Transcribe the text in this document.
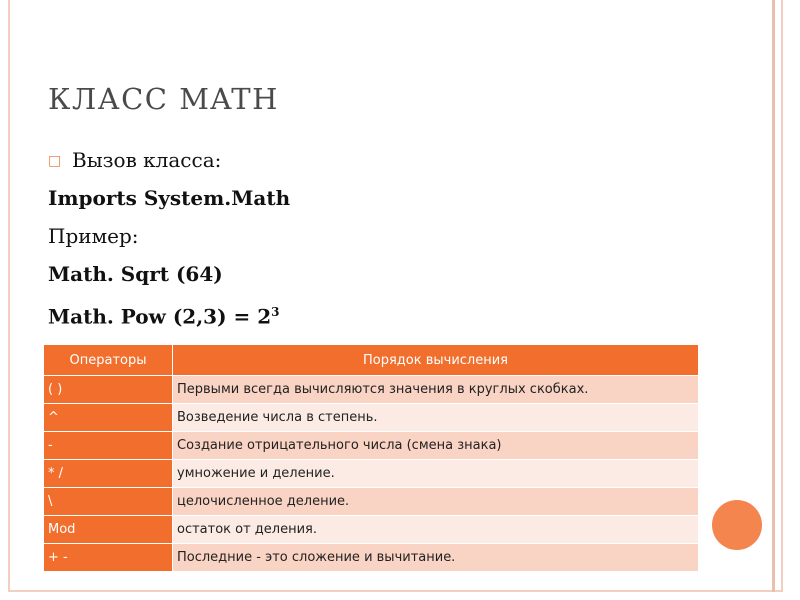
КЛАСС MATH
□ Вызов класса:
Imports System.Math
Пример:
Math. Sqrt (64)
Math. Pow $(2,3) = 2^3$
Операторы	Порядок вычисления
( )	Первыми всегда вычисляются значения в круглых скобках.
^	Возведение числа в степень.
-	Создание отрицательного числа (смена знака)
* /	умножение и деление.
\	целочисленное деление.
Mod	остаток от деления.
+ -	Последние - это сложение и вычитание.
